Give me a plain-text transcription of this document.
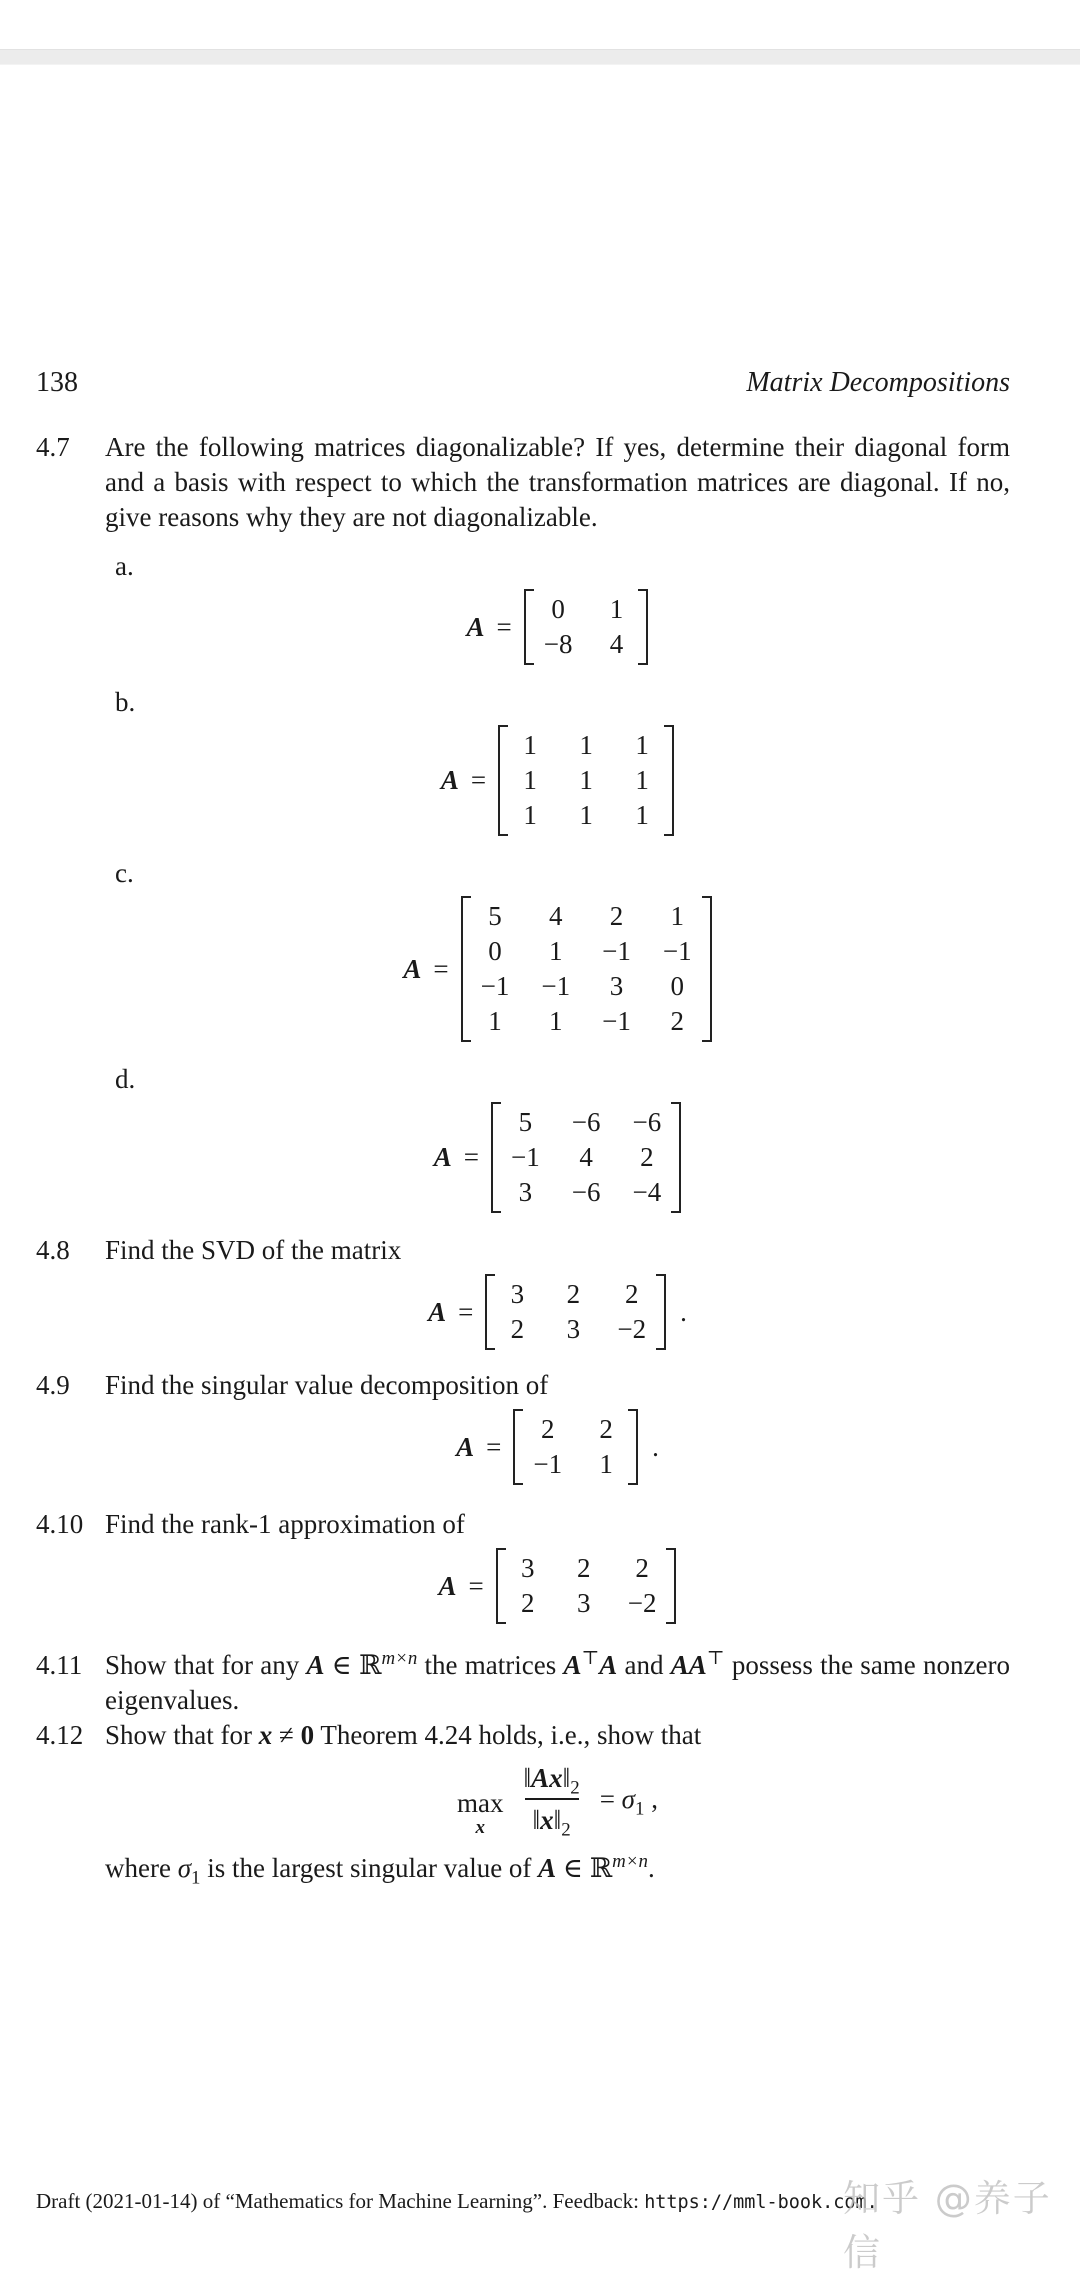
138	Matrix Decompositions
4.7	Are the following matrices diagonalizable? If yes, determine their diagonal form and a basis with respect to which the transformation matrices are diagonal. If no, give reasons why they are not diagonalizable.

a.
A =
0 1
−8 4
b.
A =
1 1 1
1 1 1
1 1 1
c.
A =
5 4 2 1
0 1 −1 −1
−1 −1 3 0
1 1 −1 2
d.
A =
5 −6 −6
−1 4 2
3 −6 −4
4.8	Find the SVD of the matrix

A =
3 2 2
2 3 −2
.
4.9	Find the singular value decomposition of

A =
2 2
−1 1
.
4.10 Find the rank-1 approximation of

A =
3 2 2
2 3 −2
4.11 Show that for any A ∈ ℝ$^{m\times n}$ the matrices A⊤A and AA⊤ possess the same nonzero eigenvalues.

4.12 Show that for x ≠ 0 Theorem 4.24 holds, i.e., show that

max
x $\frac{‖Ax‖_2}{‖x‖_2} = \sigma_1$ ,

where $\sigma_1$ is the largest singular value of A ∈ ℝ$^{m\times n}$.

Draft (2021-01-14) of “Mathematics for Machine Learning”. Feedback: https://mml-book.com.
知乎 @养子信
